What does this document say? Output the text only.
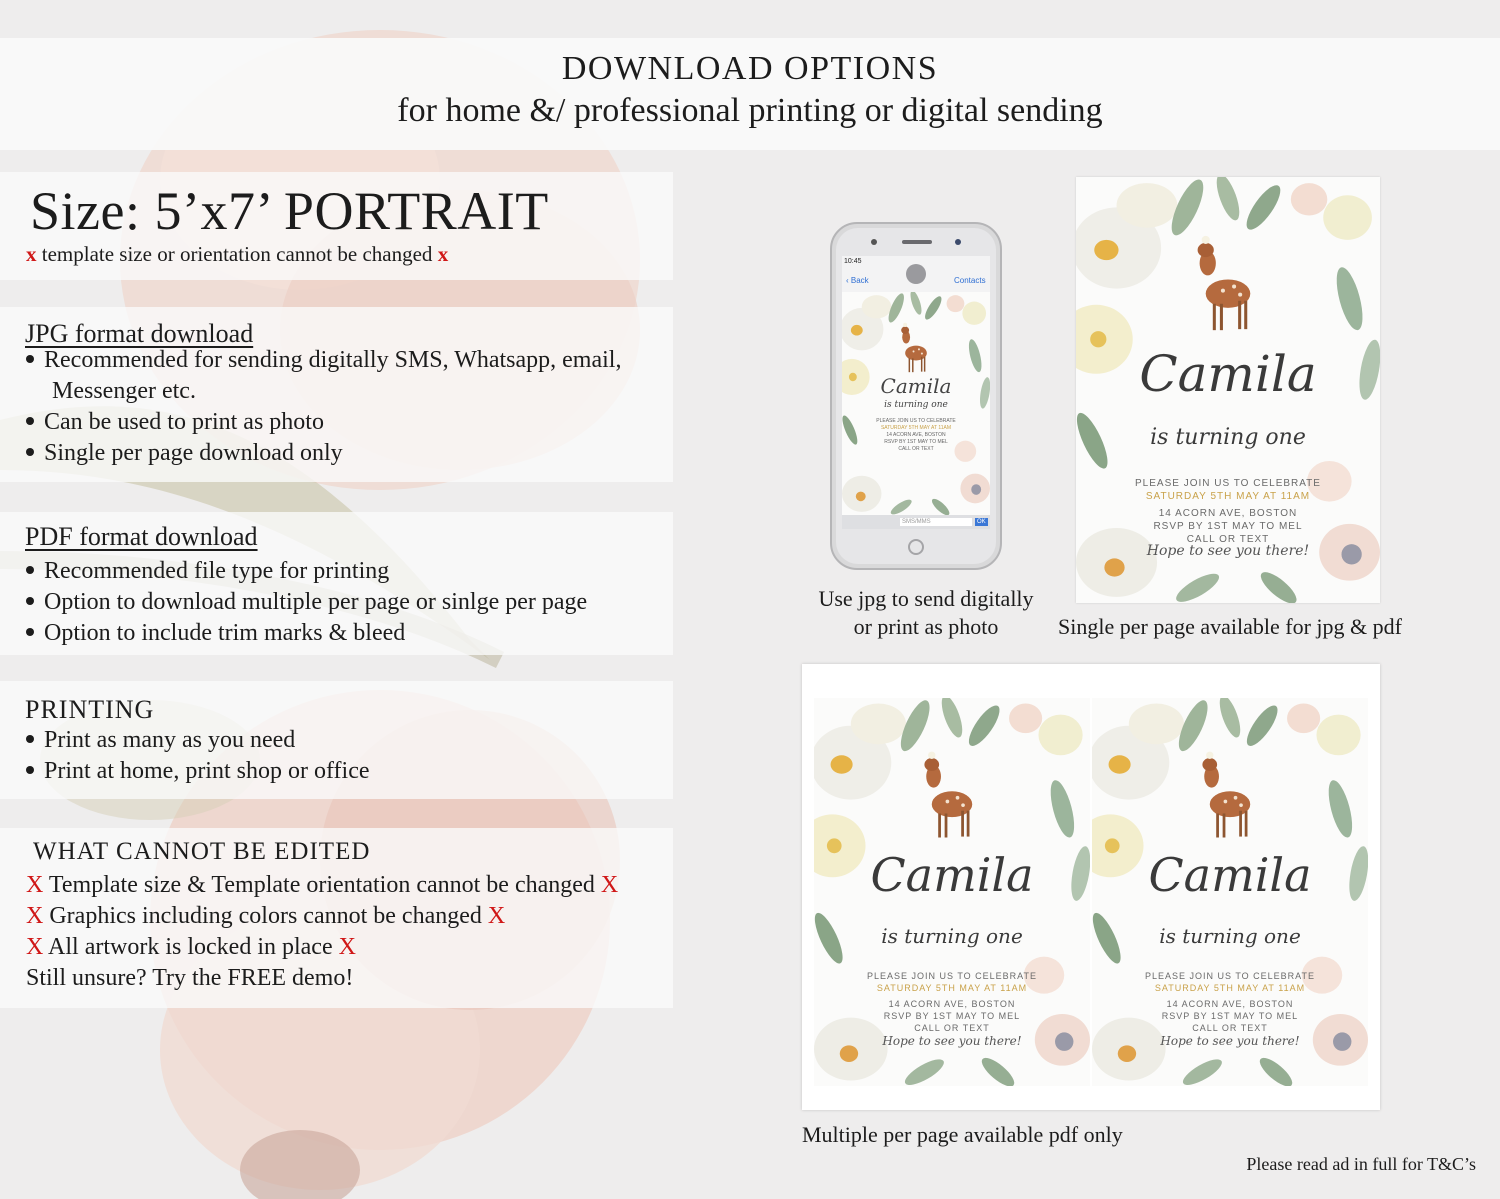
DOWNLOAD OPTIONS
for home &/ professional printing or digital sending
Size: 5’x7’ PORTRAIT
x template size or orientation cannot be changed x
JPG format download
Recommended for sending digitally SMS, Whatsapp, email,
Messenger etc.
Can be used to print as photo
Single per page download only
PDF format download
Recommended file type for printing
Option to download multiple per page or sinlge per page
Option to include trim marks & bleed
PRINTING
Print as many as you need
Print at home, print shop or office
WHAT CANNOT BE EDITED
X Template size & Template orientation cannot be changed X
X Graphics including colors cannot be changed X
X All artwork is locked in place X
Still unsure? Try the FREE demo!
10:45
‹ Back	Contacts
SMS/MMS	OK
Camila
is turning one
PLEASE JOIN US TO CELEBRATE
SATURDAY 5TH MAY AT 11AM
14 ACORN AVE, BOSTON
RSVP BY 1ST MAY TO MEL
CALL OR TEXT
Use jpg to send digitally
or print as photo
Camila
is turning one
PLEASE JOIN US TO CELEBRATE
SATURDAY 5TH MAY AT 11AM
14 ACORN AVE, BOSTON
RSVP BY 1ST MAY TO MEL
CALL OR TEXT
Hope to see you there!
Single per page available for jpg & pdf
Camila
is turning one
PLEASE JOIN US TO CELEBRATE
SATURDAY 5TH MAY AT 11AM
14 ACORN AVE, BOSTON
RSVP BY 1ST MAY TO MEL
CALL OR TEXT
Hope to see you there!
Camila
is turning one
PLEASE JOIN US TO CELEBRATE
SATURDAY 5TH MAY AT 11AM
14 ACORN AVE, BOSTON
RSVP BY 1ST MAY TO MEL
CALL OR TEXT
Hope to see you there!
Multiple per page available pdf only
Please read ad in full for T&C’s
